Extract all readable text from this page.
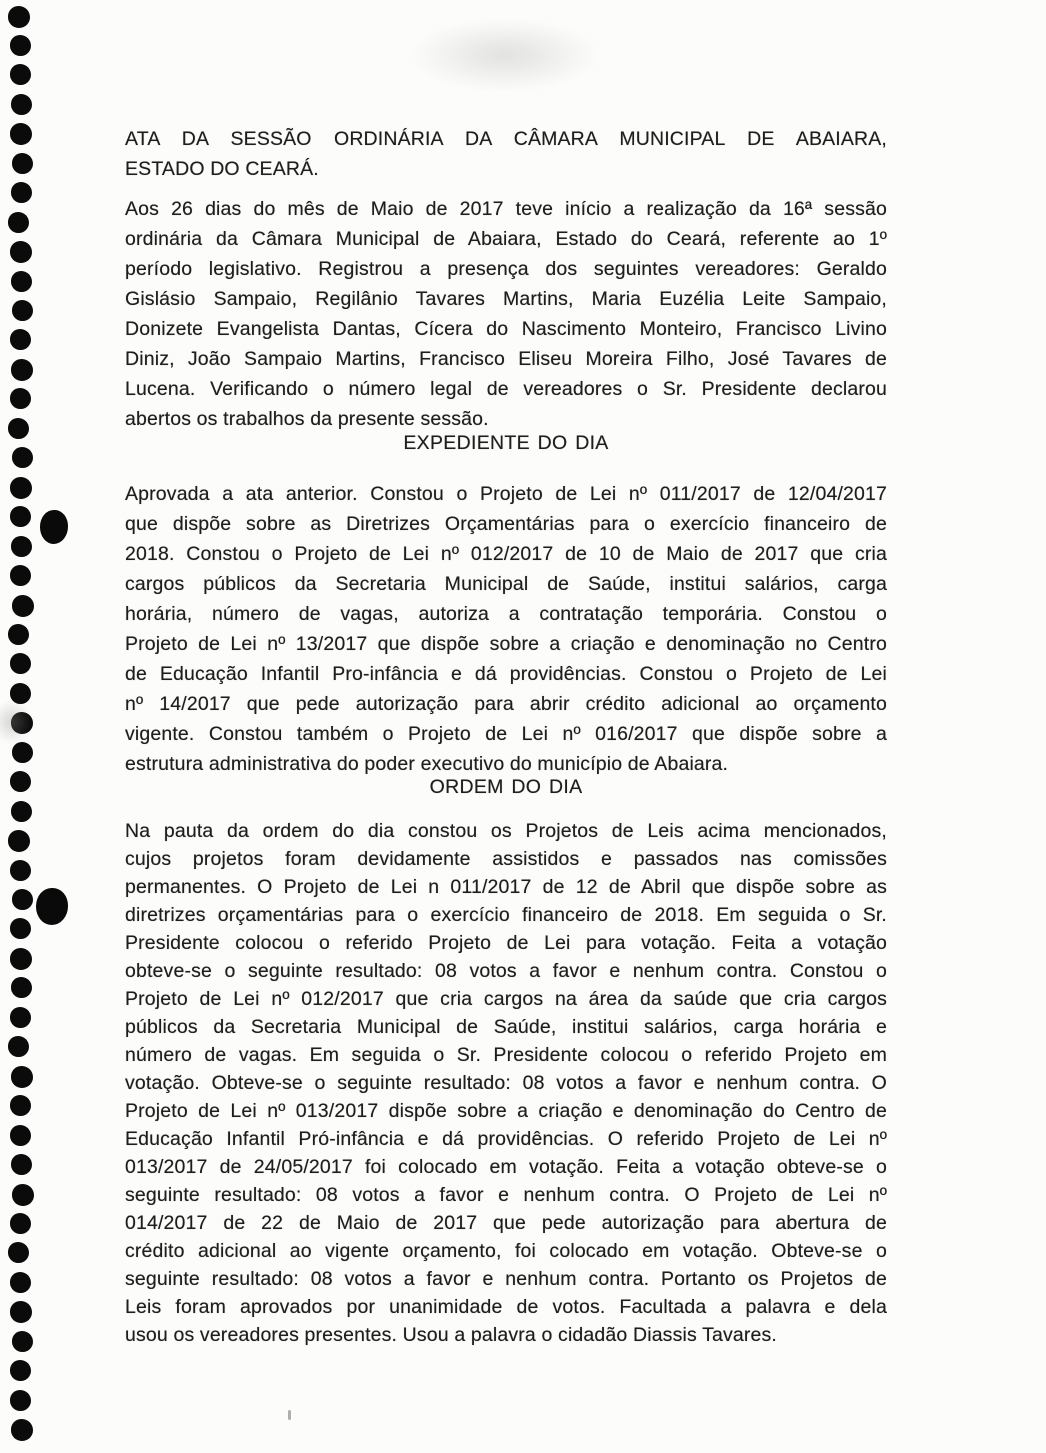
ATA DA SESSÃO ORDINÁRIA DA CÂMARA MUNICIPAL DE ABAIARA,
ESTADO DO CEARÁ.
Aos 26 dias do mês de Maio de 2017 teve início a realização da 16ª sessão
ordinária da Câmara Municipal de Abaiara, Estado do Ceará, referente ao 1º
período legislativo. Registrou a presença dos seguintes vereadores: Geraldo
Gislásio Sampaio, Regilânio Tavares Martins, Maria Euzélia Leite Sampaio,
Donizete Evangelista Dantas, Cícera do Nascimento Monteiro, Francisco Livino
Diniz, João Sampaio Martins, Francisco Eliseu Moreira Filho, José Tavares de
Lucena. Verificando o número legal de vereadores o Sr. Presidente declarou
abertos os trabalhos da presente sessão.
EXPEDIENTE DO DIA
Aprovada a ata anterior. Constou o Projeto de Lei nº 011/2017 de 12/04/2017
que dispõe sobre as Diretrizes Orçamentárias para o exercício financeiro de
2018. Constou o Projeto de Lei nº 012/2017 de 10 de Maio de 2017 que cria
cargos públicos da Secretaria Municipal de Saúde, institui salários, carga
horária, número de vagas, autoriza a contratação temporária. Constou o
Projeto de Lei nº 13/2017 que dispõe sobre a criação e denominação no Centro
de Educação Infantil Pro-infância e dá providências. Constou o Projeto de Lei
nº 14/2017 que pede autorização para abrir crédito adicional ao orçamento
vigente. Constou também o Projeto de Lei nº 016/2017 que dispõe sobre a
estrutura administrativa do poder executivo do município de Abaiara.
ORDEM DO DIA
Na pauta da ordem do dia constou os Projetos de Leis acima mencionados,
cujos projetos foram devidamente assistidos e passados nas comissões
permanentes. O Projeto de Lei n 011/2017 de 12 de Abril que dispõe sobre as
diretrizes orçamentárias para o exercício financeiro de 2018. Em seguida o Sr.
Presidente colocou o referido Projeto de Lei para votação. Feita a votação
obteve-se o seguinte resultado: 08 votos a favor e nenhum contra. Constou o
Projeto de Lei nº 012/2017 que cria cargos na área da saúde que cria cargos
públicos da Secretaria Municipal de Saúde, institui salários, carga horária e
número de vagas. Em seguida o Sr. Presidente colocou o referido Projeto em
votação. Obteve-se o seguinte resultado: 08 votos a favor e nenhum contra. O
Projeto de Lei nº 013/2017 dispõe sobre a criação e denominação do Centro de
Educação Infantil Pró-infância e dá providências. O referido Projeto de Lei nº
013/2017 de 24/05/2017 foi colocado em votação. Feita a votação obteve-se o
seguinte resultado: 08 votos a favor e nenhum contra. O Projeto de Lei nº
014/2017 de 22 de Maio de 2017 que pede autorização para abertura de
crédito adicional ao vigente orçamento, foi colocado em votação. Obteve-se o
seguinte resultado: 08 votos a favor e nenhum contra. Portanto os Projetos de
Leis foram aprovados por unanimidade de votos. Facultada a palavra e dela
usou os vereadores presentes. Usou a palavra o cidadão Diassis Tavares.
